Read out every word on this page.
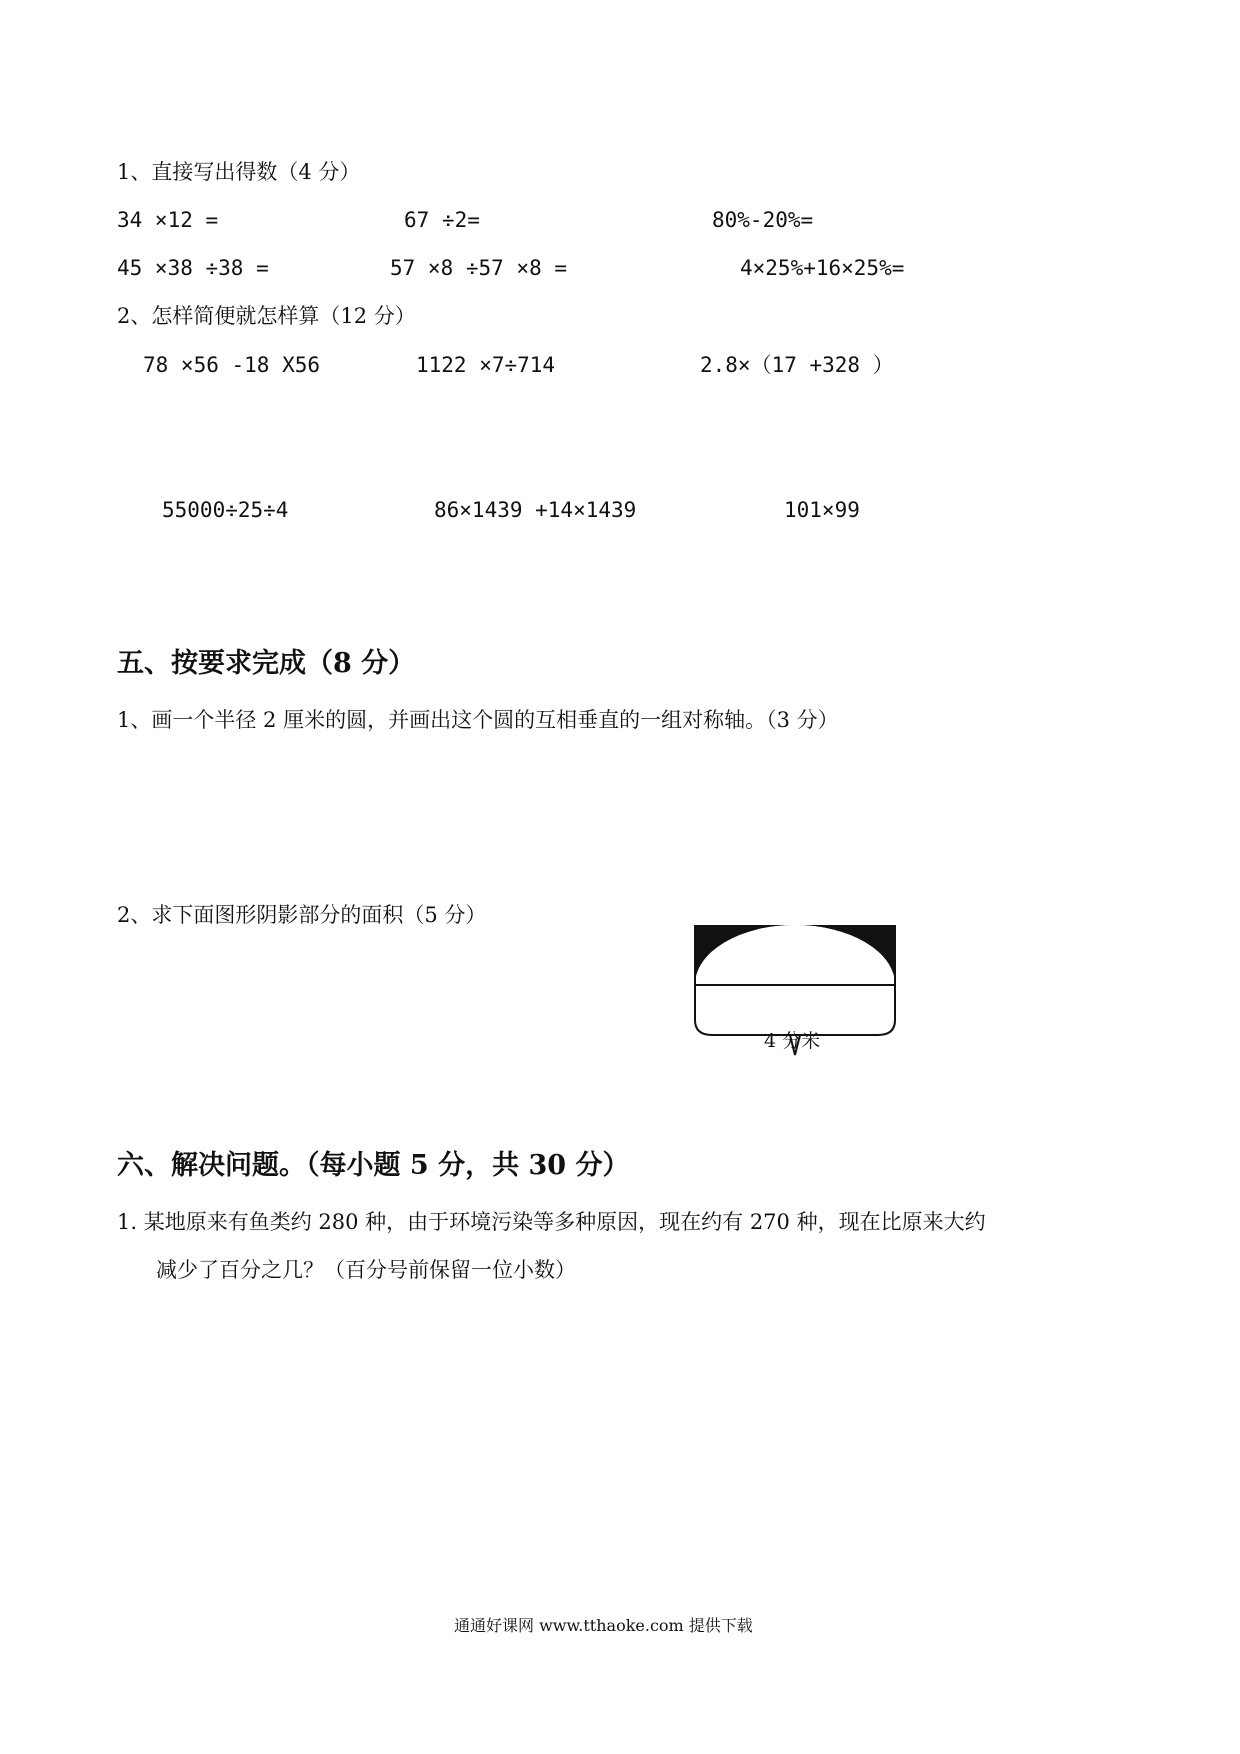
1、直接写出得数（4 分）
34 ×12 =	67 ÷2=	80%-20%=
45 ×38 ÷38 =	57 ×8 ÷57 ×8 =	4×25%+16×25%=
2、怎样简便就怎样算（12 分）
78 ×56 -18 X56	1122 ×7÷714	2.8×（17 +328 ）
55000÷25÷4	86×1439 +14×1439	101×99
五、按要求完成（8 分）
1、画一个半径 2 厘米的圆，并画出这个圆的互相垂直的一组对称轴。（3 分）
2、求下面图形阴影部分的面积（5 分）
4 分米
六、解决问题。（每小题 5 分，共 30 分）
1. 某地原来有鱼类约 280 种，由于环境污染等多种原因，现在约有 270 种，现在比原来大约
减少了百分之几？（百分号前保留一位小数）
通通好课网 www.tthaoke.com 提供下载
